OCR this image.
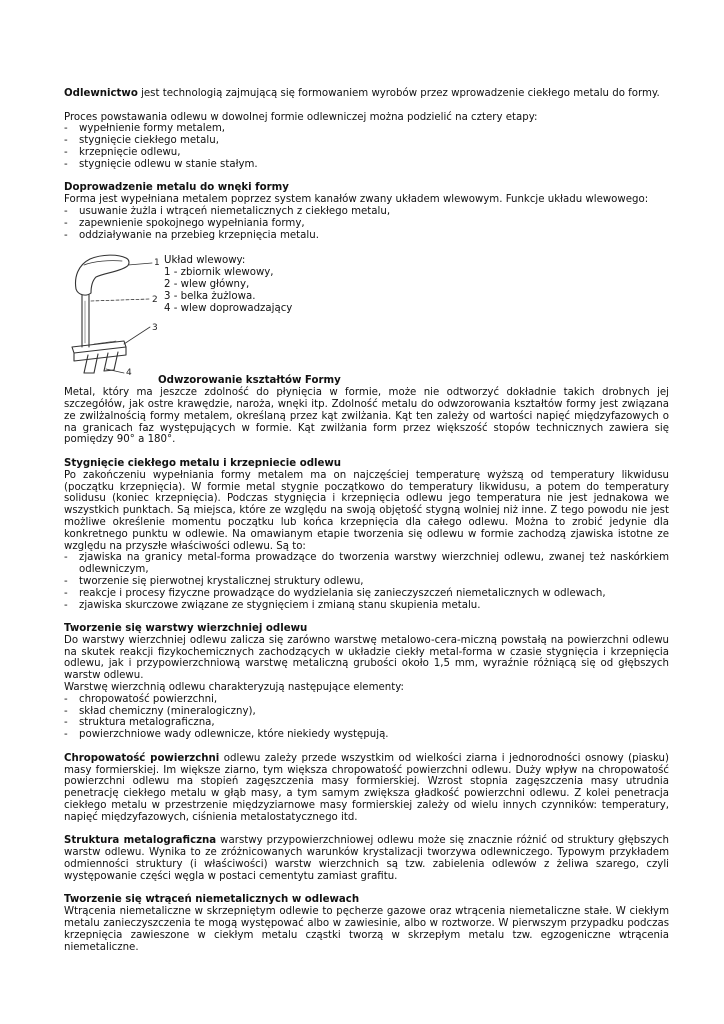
Odlewnictwo jest technologią zajmującą się formowaniem wyrobów przez wprowadzenie ciekłego metalu do formy.

Proces powstawania odlewu w dowolnej formie odlewniczej można podzielić na cztery etapy:

- wypełnienie formy metalem,

- stygnięcie ciekłego metalu,

- krzepnięcie odlewu,

- stygnięcie odlewu w stanie stałym.

Doprowadzenie metalu do wnęki formy

Forma jest wypełniana metalem poprzez system kanałów zwany układem wlewowym. Funkcje układu wlewowego:

- usuwanie żużla i wtrąceń niemetalicznych z ciekłego metalu,

- zapewnienie spokojnego wypełniania formy,

- oddziaływanie na przebieg krzepnięcia metalu.

1
2
3
4

Układ wlewowy:

1 - zbiornik wlewowy,

2 - wlew główny,

3 - belka żużlowa.

4 - wlew doprowadzający

Odwzorowanie kształtów Formy

Metal, który ma jeszcze zdolność do płynięcia w formie, może nie odtworzyć dokładnie takich drobnych jej szczegółów, jak ostre krawędzie, naroża, wnęki itp. Zdolność metalu do odwzorowania kształtów formy jest związana ze zwilżalnością formy metalem, określaną przez kąt zwilżania. Kąt ten zależy od wartości napięć międzyfazowych o na granicach faz występujących w formie. Kąt zwilżania form przez większość stopów technicznych zawiera się pomiędzy 90° a 180°.

Stygnięcie ciekłego metalu i krzepniecie odlewu

Po zakończeniu wypełniania formy metalem ma on najczęściej temperaturę wyższą od temperatury likwidusu (początku krzepnięcia). W formie metal stygnie początkowo do temperatury likwidusu, a potem do temperatury solidusu (koniec krzepnięcia). Podczas stygnięcia i krzepnięcia odlewu jego temperatura nie jest jednakowa we wszystkich punktach. Są miejsca, które ze względu na swoją objętość stygną wolniej niż inne. Z tego powodu nie jest możliwe określenie momentu początku lub końca krzepnięcia dla całego odlewu. Można to zrobić jedynie dla konkretnego punktu w odlewie. Na omawianym etapie tworzenia się odlewu w formie zachodzą zjawiska istotne ze względu na przyszłe właściwości odlewu. Są to:

- zjawiska na granicy metal-forma prowadzące do tworzenia warstwy wierzchniej odlewu, zwanej też naskórkiem odlewniczym,

- tworzenie się pierwotnej krystalicznej struktury odlewu,

- reakcje i procesy fizyczne prowadzące do wydzielania się zanieczyszczeń niemetalicznych w odlewach,

- zjawiska skurczowe związane ze stygnięciem i zmianą stanu skupienia metalu.

Tworzenie się warstwy wierzchniej odlewu

Do warstwy wierzchniej odlewu zalicza się zarówno warstwę metalowo-cera-miczną powstałą na powierzchni odlewu na skutek reakcji fizykochemicznych zachodzących w układzie ciekły metal-forma w czasie stygnięcia i krzepnięcia odlewu, jak i przypowierzchniową warstwę metaliczną grubości około 1,5 mm, wyraźnie różniącą się od głębszych warstw odlewu.

Warstwę wierzchnią odlewu charakteryzują następujące elementy:

- chropowatość powierzchni,

- skład chemiczny (mineralogiczny),

- struktura metalograficzna,

- powierzchniowe wady odlewnicze, które niekiedy występują.

Chropowatość powierzchni odlewu zależy przede wszystkim od wielkości ziarna i jednorodności osnowy (piasku) masy formierskiej. Im większe ziarno, tym większa chropowatość powierzchni odlewu. Duży wpływ na chropowatość powierzchni odlewu ma stopień zagęszczenia masy formierskiej. Wzrost stopnia zagęszczenia masy utrudnia penetrację ciekłego metalu w głąb masy, a tym samym zwiększa gładkość powierzchni odlewu. Z kolei penetracja ciekłego metalu w przestrzenie międzyziarnowe masy formierskiej zależy od wielu innych czynników: temperatury, napięć międzyfazowych, ciśnienia metalostatycznego itd.

Struktura metalograficzna warstwy przypowierzchniowej odlewu może się znacznie różnić od struktury głębszych warstw odlewu. Wynika to ze zróżnicowanych warunków krystalizacji tworzywa odlewniczego. Typowym przykładem odmienności struktury (i właściwości) warstw wierzchnich są tzw. zabielenia odlewów z żeliwa szarego, czyli występowanie części węgla w postaci cementytu zamiast grafitu.

Tworzenie się wtrąceń niemetalicznych w odlewach

Wtrącenia niemetaliczne w skrzepniętym odlewie to pęcherze gazowe oraz wtrącenia niemetaliczne stałe. W ciekłym metalu zanieczyszczenia te mogą występować albo w zawiesinie, albo w roztworze. W pierwszym przypadku podczas krzepnięcia zawieszone w ciekłym metalu cząstki tworzą w skrzepłym metalu tzw. egzogeniczne wtrącenia niemetaliczne.
